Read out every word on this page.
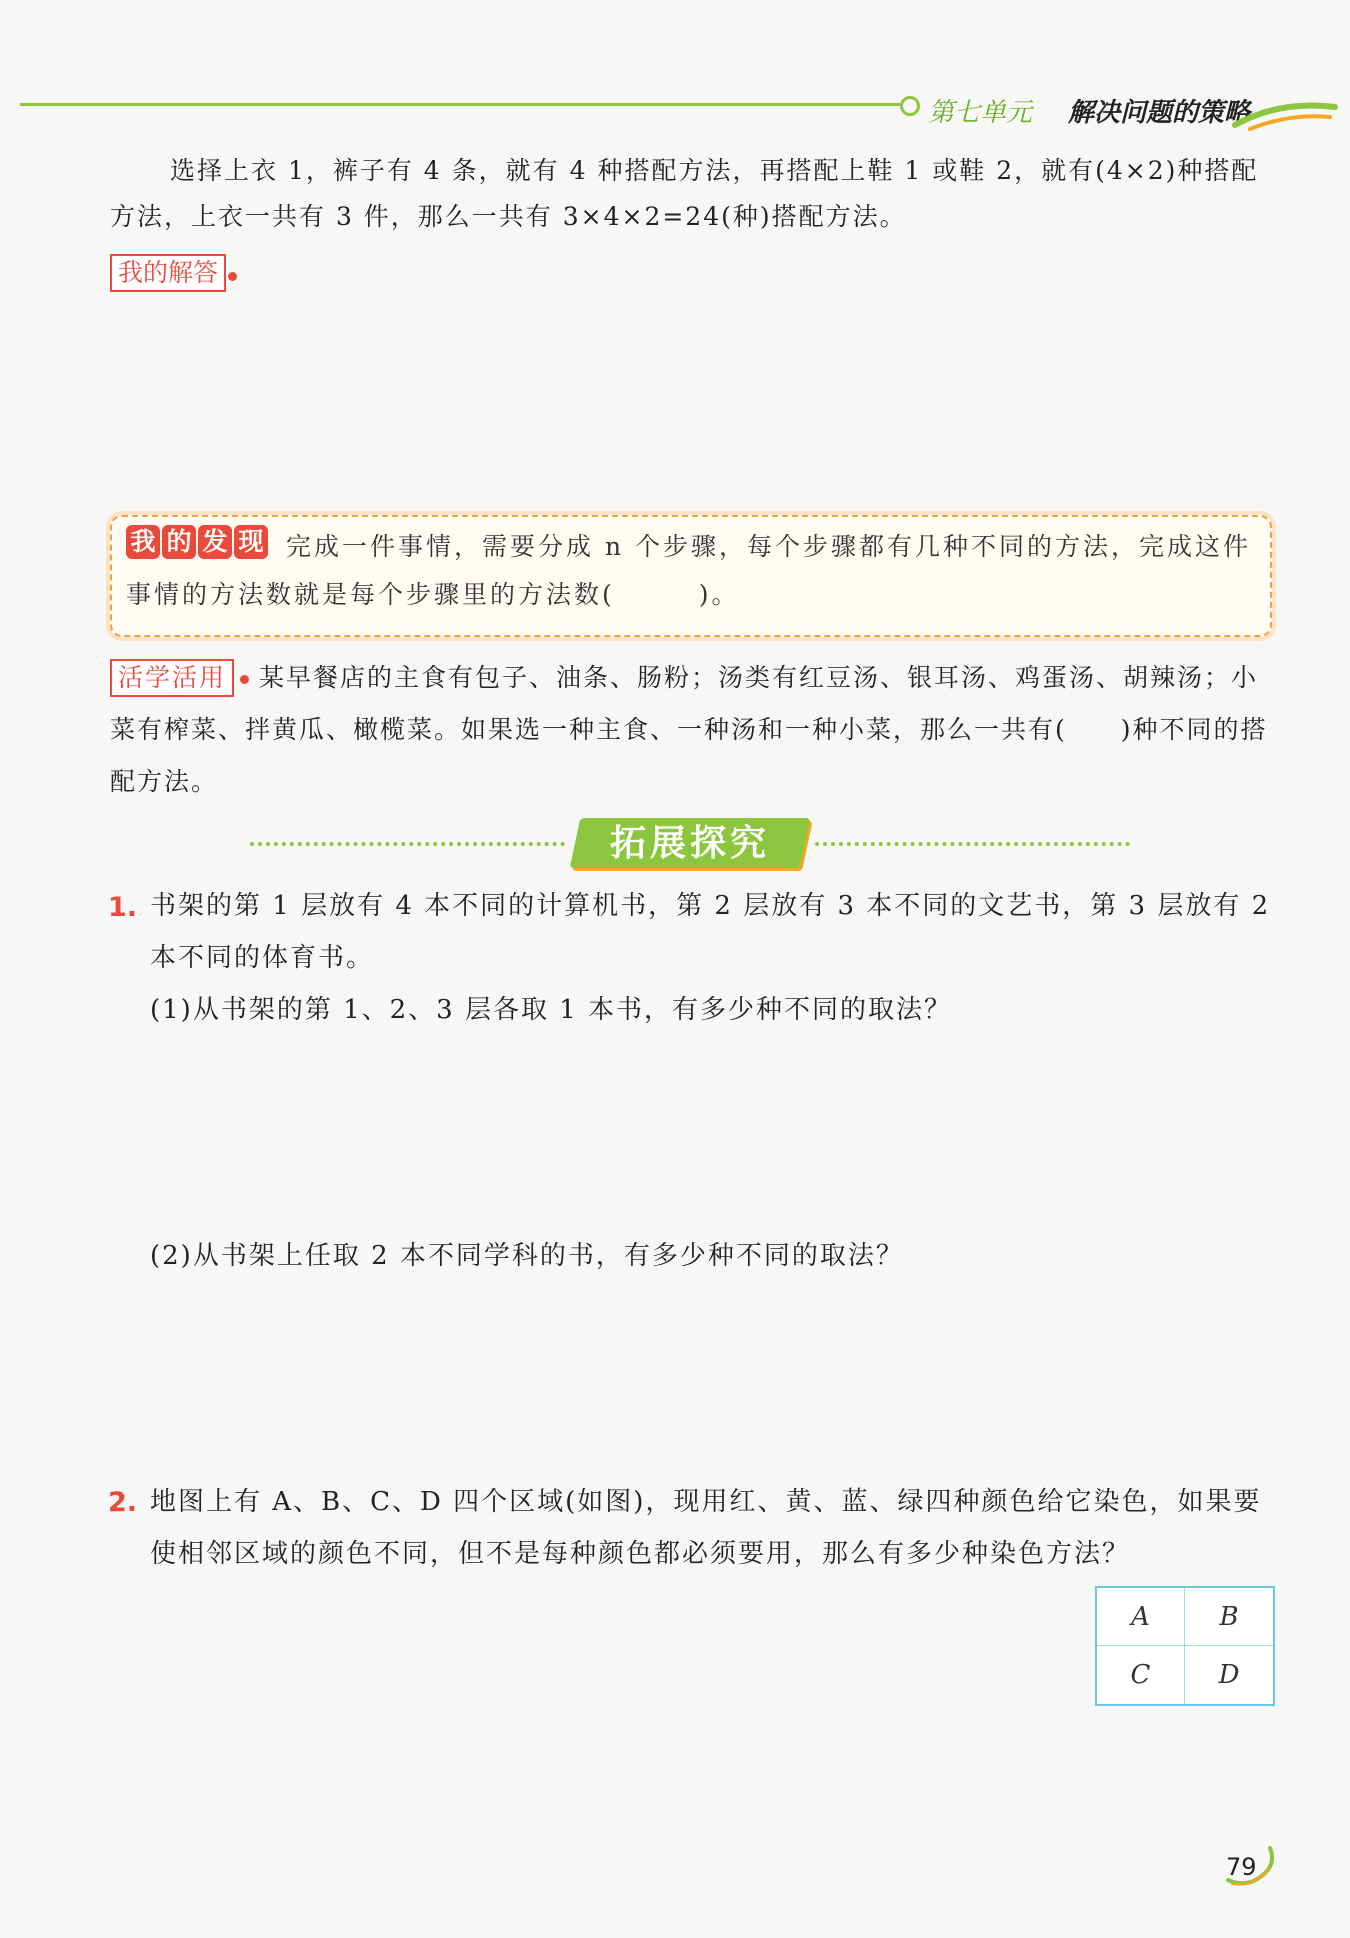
第七单元 解决问题的策略
选择上衣 1，裤子有 4 条，就有 4 种搭配方法，再搭配上鞋 1 或鞋 2，就有(4×2)种搭配
方法，上衣一共有 3 件，那么一共有 3×4×2=24(种)搭配方法。
我的解答
完成一件事情，需要分成 n 个步骤，每个步骤都有几种不同的方法，完成这件事情的方法数就是每个步骤里的方法数(　　　)。
我 的 发 现
活学活用 某早餐店的主食有包子、油条、肠粉；汤类有红豆汤、银耳汤、鸡蛋汤、胡辣汤；小菜有榨菜、拌黄瓜、橄榄菜。如果选一种主食、一种汤和一种小菜，那么一共有(　　)种不同的搭配方法。
拓展探究
1. 书架的第 1 层放有 4 本不同的计算机书，第 2 层放有 3 本不同的文艺书，第 3 层放有 2 本不同的体育书。
(1)从书架的第 1、2、3 层各取 1 本书，有多少种不同的取法？
(2)从书架上任取 2 本不同学科的书，有多少种不同的取法？
2. 地图上有 A、B、C、D 四个区域(如图)，现用红、黄、蓝、绿四种颜色给它染色，如果要使相邻区域的颜色不同，但不是每种颜色都必须要用，那么有多少种染色方法？
A	B
C	D
79
